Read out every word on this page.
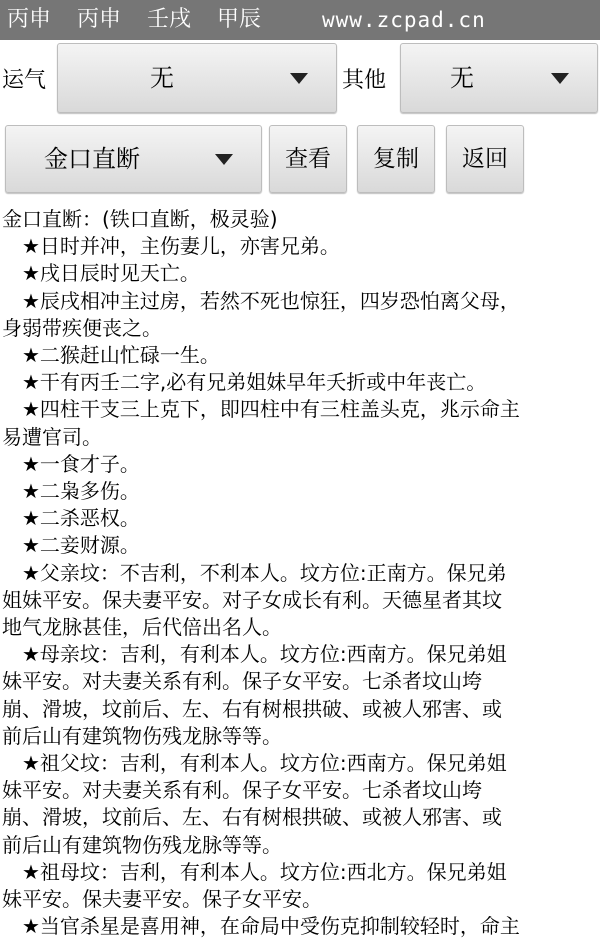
丙申 丙申 壬戌 甲辰	www.zcpad.cn
运气	无	其他	无
金口直断	查看	复制	返回
金口直断：(铁口直断，极灵验)
 ★日时并冲，主伤妻儿，亦害兄弟。
 ★戌日辰时见天亡。
 ★辰戌相冲主过房，若然不死也惊狂，四岁恐怕离父母，
身弱带疾便丧之。
 ★二猴赶山忙碌一生。
 ★干有丙壬二字,必有兄弟姐妹早年夭折或中年丧亡。
 ★四柱干支三上克下，即四柱中有三柱盖头克，兆示命主
易遭官司。
 ★一食才子。
 ★二枭多伤。
 ★二杀恶权。
 ★二妾财源。
 ★父亲坟：不吉利，不利本人。坟方位:正南方。保兄弟
姐妹平安。保夫妻平安。对子女成长有利。天德星者其坟
地气龙脉甚佳，后代倍出名人。
 ★母亲坟：吉利，有利本人。坟方位:西南方。保兄弟姐
妹平安。对夫妻关系有利。保子女平安。七杀者坟山垮
崩、滑坡，坟前后、左、右有树根拱破、或被人邪害、或
前后山有建筑物伤残龙脉等等。
 ★祖父坟：吉利，有利本人。坟方位:西南方。保兄弟姐
妹平安。对夫妻关系有利。保子女平安。七杀者坟山垮
崩、滑坡，坟前后、左、右有树根拱破、或被人邪害、或
前后山有建筑物伤残龙脉等等。
 ★祖母坟：吉利，有利本人。坟方位:西北方。保兄弟姐
妹平安。保夫妻平安。保子女平安。
 ★当官杀星是喜用神，在命局中受伤克抑制较轻时，命主
